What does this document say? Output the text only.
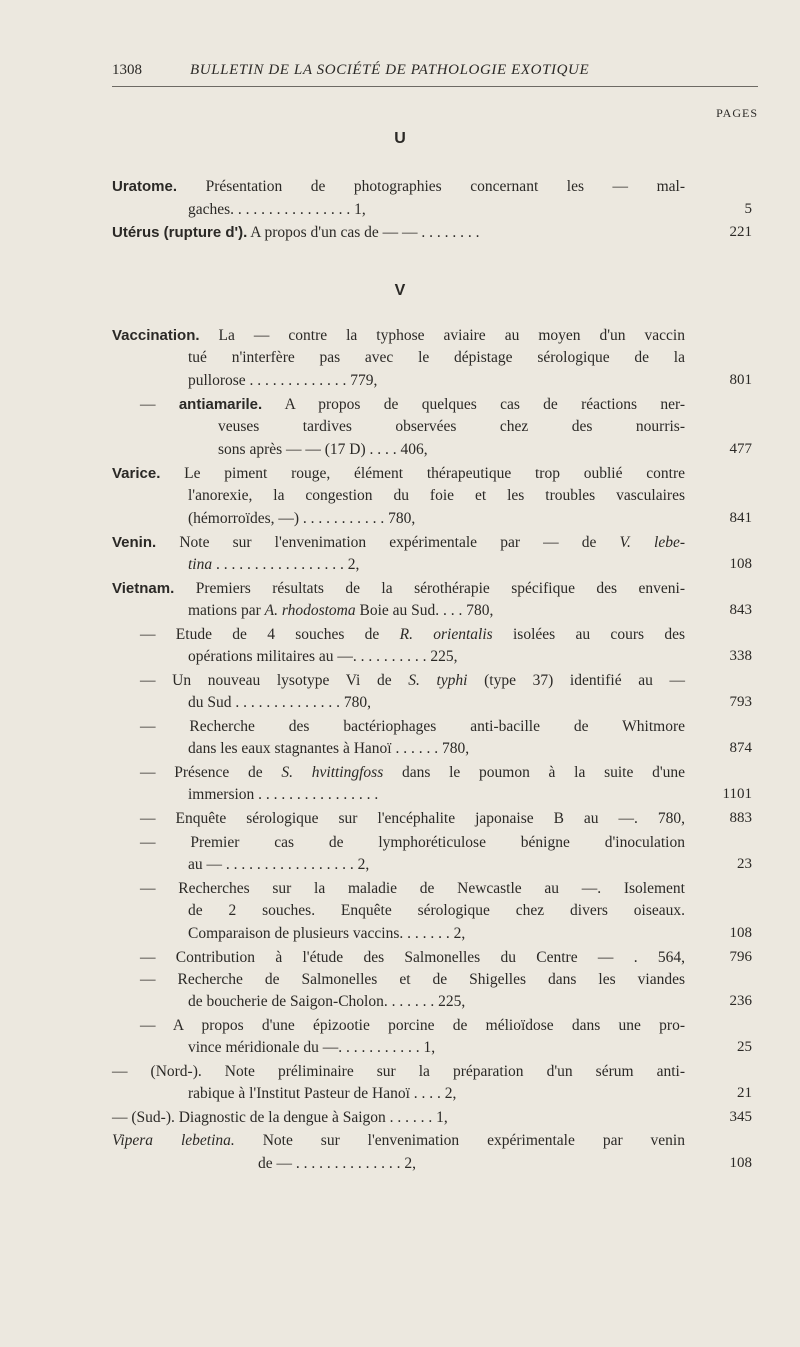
1308	BULLETIN DE LA SOCIÉTÉ DE PATHOLOGIE EXOTIQUE
PAGES
U
V
Uratome. Présentation de photographies concernant les — mal-
gaches. . . . . . . . . . . . . . . . 1,	5
Utérus (rupture d'). A propos d'un cas de — — . . . . . . . .	221
Vaccination. La — contre la typhose aviaire au moyen d'un vaccin
tué n'interfère pas avec le dépistage sérologique de la
pullorose . . . . . . . . . . . . . 779,	801
— antiamarile. A propos de quelques cas de réactions ner-
veuses tardives observées chez des nourris-
sons après — — (17 D) . . . . 406,	477
Varice. Le piment rouge, élément thérapeutique trop oublié contre
l'anorexie, la congestion du foie et les troubles vasculaires
(hémorroïdes, —) . . . . . . . . . . . 780,	841
Venin. Note sur l'envenimation expérimentale par — de V. lebe-
tina . . . . . . . . . . . . . . . . . 2,	108
Vietnam. Premiers résultats de la sérothérapie spécifique des enveni-
mations par A. rhodostoma Boie au Sud. . . . 780,	843
— Etude de 4 souches de R. orientalis isolées au cours des
opérations militaires au —. . . . . . . . . . 225,	338
— Un nouveau lysotype Vi de S. typhi (type 37) identifié au —
du Sud . . . . . . . . . . . . . . 780,	793
— Recherche des bactériophages anti-bacille de Whitmore
dans les eaux stagnantes à Hanoï . . . . . . 780,	874
— Présence de S. hvittingfoss dans le poumon à la suite d'une
immersion . . . . . . . . . . . . . . . .	1101
— Enquête sérologique sur l'encéphalite japonaise B au —. 780,	883
— Premier cas de lymphoréticulose bénigne d'inoculation
au — . . . . . . . . . . . . . . . . . 2,	23
— Recherches sur la maladie de Newcastle au —. Isolement
de 2 souches. Enquête sérologique chez divers oiseaux.
Comparaison de plusieurs vaccins. . . . . . . 2,	108
— Contribution à l'étude des Salmonelles du Centre — . 564,	796
— Recherche de Salmonelles et de Shigelles dans les viandes
de boucherie de Saigon-Cholon. . . . . . . 225,	236
— A propos d'une épizootie porcine de mélioïdose dans une pro-
vince méridionale du —. . . . . . . . . . . 1,	25
— (Nord-). Note préliminaire sur la préparation d'un sérum anti-
rabique à l'Institut Pasteur de Hanoï . . . . 2,	21
— (Sud-). Diagnostic de la dengue à Saigon . . . . . . 1,	345
Vipera lebetina. Note sur l'envenimation expérimentale par venin
de — . . . . . . . . . . . . . . 2,	108
